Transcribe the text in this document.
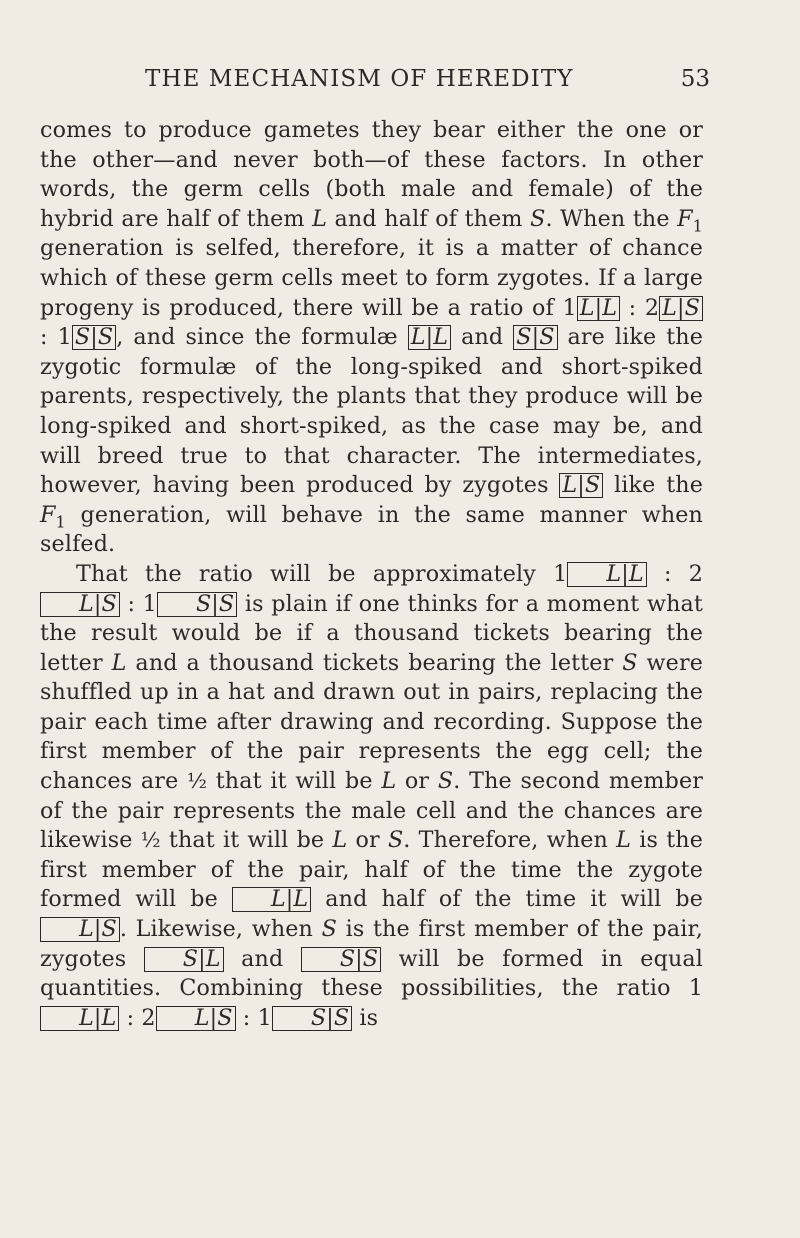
THE MECHANISM OF HEREDITY	53

comes to produce gametes they bear either the one or the other—and never both—of these factors. In other words, the germ cells (both male and female) of the hybrid are half of them L and half of them S. When the $F_1$ generation is selfed, therefore, it is a matter of chance which of these germ cells meet to form zygotes. If a large progeny is produced, there will be a ratio of 1 L|L : 2 L|S : 1 S|S , and since the formulæ L|L and S|S are like the zygotic formulæ of the long-spiked and short-spiked parents, respectively, the plants that they produce will be long-spiked and short-spiked, as the case may be, and will breed true to that character. The intermediates, however, having been produced by zygotes L|S like the $F_1$ generation, will behave in the same manner when selfed.

That the ratio will be approximately 1 L|L : 2L|S : 1 S|S is plain if one thinks for a moment what the result would be if a thousand tickets bearing the letter L and a thousand tickets bearing the letter S were shuffled up in a hat and drawn out in pairs, replacing the pair each time after drawing and recording. Suppose the first member of the pair represents the egg cell; the chances are ½ that it will be L or S. The second member of the pair represents the male cell and the chances are likewise ½ that it will be L or S. Therefore, when L is the first member of the pair, half of the time the zygote formed will be L|L and half of the time it will be L|S . Likewise, when S is the first member of the pair, zygotes S|L and S|S will be formed in equal quantities. Combining these possibilities, the ratio 1L|L : 2 L|S : 1 S|S is
